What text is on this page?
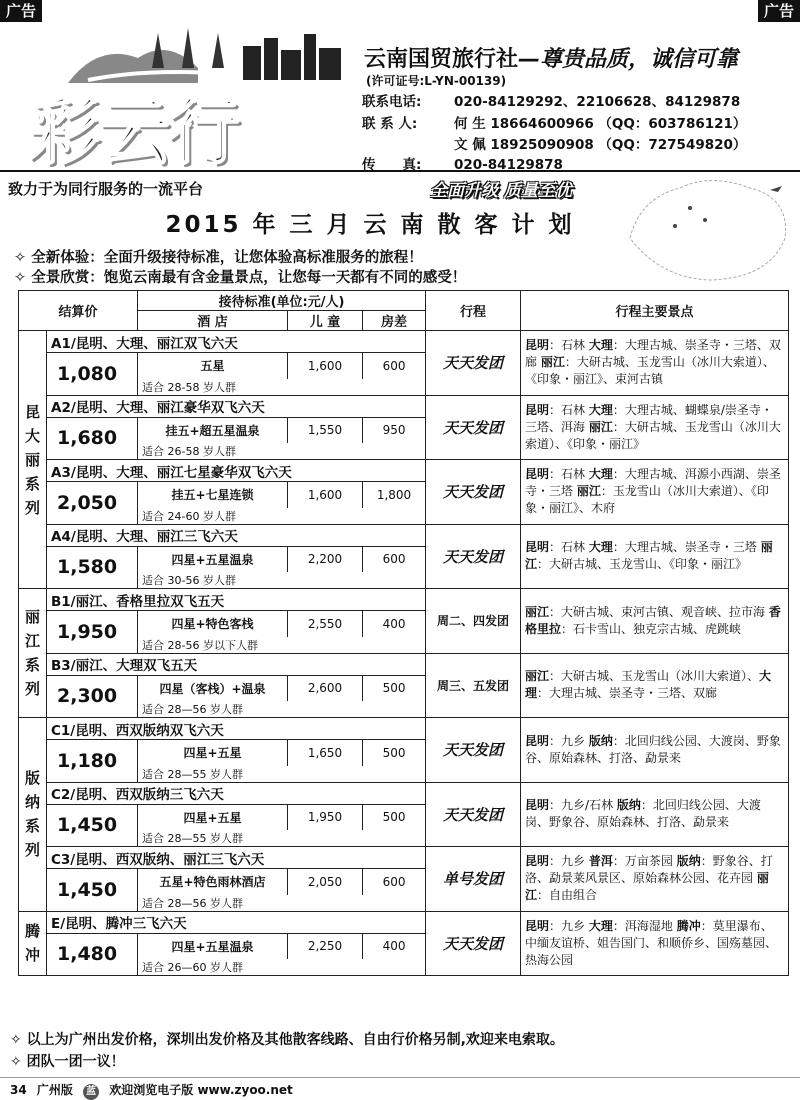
广告	广告
彩云行
云南国贸旅行社—尊贵品质，诚信可靠
(许可证号:L-YN-00139)
联系电话: 020-84129292、22106628、84129878
联 系 人:	何 生 18664600966 （QQ：603786121）
文 佩 18925090908 （QQ：727549820）
传　　真: 020-84129878
致力于为同行服务的一流平台	全面升级 质量至优
2015 年 三 月 云 南 散 客 计 划
✧ 全新体验：全面升级接待标准，让您体验高标准服务的旅程！
✧ 全景欣赏：饱览云南最有含金量景点，让您每一天都有不同的感受！
结算价		接待标准(单位:元/人)			行程	行程主要景点
		酒 店	儿 童	房差		
昆
大
丽
系
列	A1/昆明、大理、丽江双飞六天				天天发团	昆明：石林 大理：大理古城、崇圣寺・三塔、双廊 丽江：大研古城、玉龙雪山（冰川大索道）、《印象・丽江》、束河古镇
	1,080	五星	1,600	600		
		适合 28-58 岁人群				
	A2/昆明、大理、丽江豪华双飞六天				天天发团	昆明：石林 大理：大理古城、蝴蝶泉/崇圣寺・三塔、洱海 丽江：大研古城、玉龙雪山（冰川大索道）、《印象・丽江》
	1,680	挂五+超五星温泉	1,550	950		
		适合 26-58 岁人群				
	A3/昆明、大理、丽江七星豪华双飞六天				天天发团	昆明：石林 大理：大理古城、洱源小西湖、崇圣寺・三塔 丽江：玉龙雪山（冰川大索道）、《印象・丽江》、木府
	2,050	挂五+七星连锁	1,600	1,800		
		适合 24-60 岁人群				
	A4/昆明、大理、丽江三飞六天				天天发团	昆明：石林 大理：大理古城、崇圣寺・三塔 丽江：大研古城、玉龙雪山、《印象・丽江》
	1,580	四星+五星温泉	2,200	600		
		适合 30-56 岁人群				
丽
江
系
列	B1/丽江、香格里拉双飞五天				周二、四发团	丽江：大研古城、束河古镇、观音峡、拉市海 香格里拉：石卡雪山、独克宗古城、虎跳峡
	1,950	四星+特色客栈	2,550	400		
		适合 28-56 岁以下人群				
	B3/丽江、大理双飞五天				周三、五发团	丽江：大研古城、玉龙雪山（冰川大索道）、大理：大理古城、崇圣寺・三塔、双廊
	2,300	四星（客栈）+温泉	2,600	500		
		适合 28—56 岁人群				
版
纳
系
列	C1/昆明、西双版纳双飞六天				天天发团	昆明：九乡 版纳：北回归线公园、大渡岗、野象谷、原始森林、打洛、勐景来
	1,180	四星+五星	1,650	500		
		适合 28—55 岁人群				
	C2/昆明、西双版纳三飞六天				天天发团	昆明：九乡/石林 版纳：北回归线公园、大渡岗、野象谷、原始森林、打洛、勐景来
	1,450	四星+五星	1,950	500		
		适合 28—55 岁人群				
	C3/昆明、西双版纳、丽江三飞六天				单号发团	昆明：九乡 普洱：万亩茶园 版纳：野象谷、打洛、勐景莱风景区、原始森林公园、花卉园 丽江：自由组合
	1,450	五星+特色雨林酒店	2,050	600		
		适合 28—56 岁人群				
腾
冲	E/昆明、腾冲三飞六天				天天发团	昆明：九乡 大理：洱海湿地 腾冲：莫里瀑布、中缅友谊桥、姐告国门、和顺侨乡、国殇墓园、热海公园
	1,480	四星+五星温泉	2,250	400		
		适合 26—60 岁人群				
✧ 以上为广州出发价格，深圳出发价格及其他散客线路、自由行价格另制,欢迎来电索取。
✧ 团队一团一议！
34 广州版 蓝 欢迎浏览电子版 www.zyoo.net
